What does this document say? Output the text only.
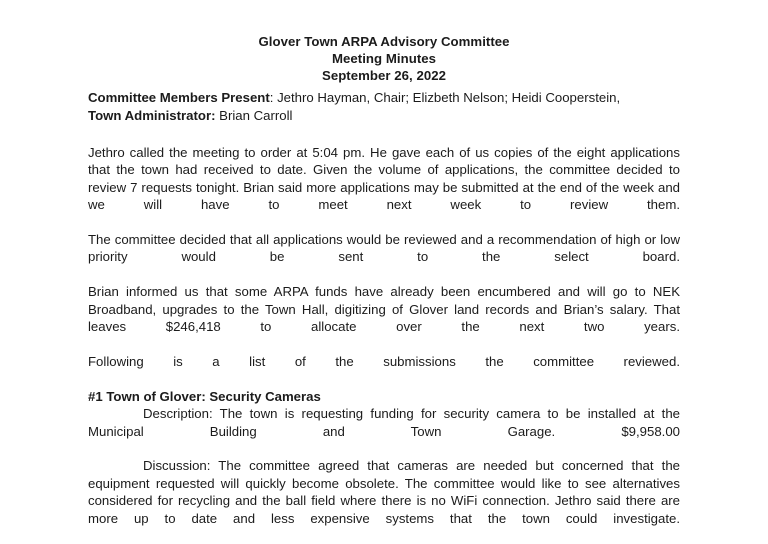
Glover Town ARPA Advisory Committee
Meeting Minutes
September 26, 2022
Committee Members Present: Jethro Hayman, Chair; Elizbeth Nelson; Heidi Cooperstein,
Town Administrator: Brian Carroll

Jethro called the meeting to order at 5:04 pm. He gave each of us copies of the eight applications that the town had received to date. Given the volume of applications, the committee decided to review 7 requests tonight. Brian said more applications may be submitted at the end of the week and we will have to meet next week to review them.

The committee decided that all applications would be reviewed and a recommendation of high or low priority would be sent to the select board.

Brian informed us that some ARPA funds have already been encumbered and will go to NEK Broadband, upgrades to the Town Hall, digitizing of Glover land records and Brian’s salary. That leaves $246,418 to allocate over the next two years.

Following is a list of the submissions the committee reviewed.

#1 Town of Glover: Security Cameras

Description: The town is requesting funding for security camera to be installed at the Municipal Building and Town Garage. $9,958.00

Discussion: The committee agreed that cameras are needed but concerned that the equipment requested will quickly become obsolete. The committee would like to see alternatives considered for recycling and the ball field where there is no WiFi connection. Jethro said there are more up to date and less expensive systems that the town could investigate.
